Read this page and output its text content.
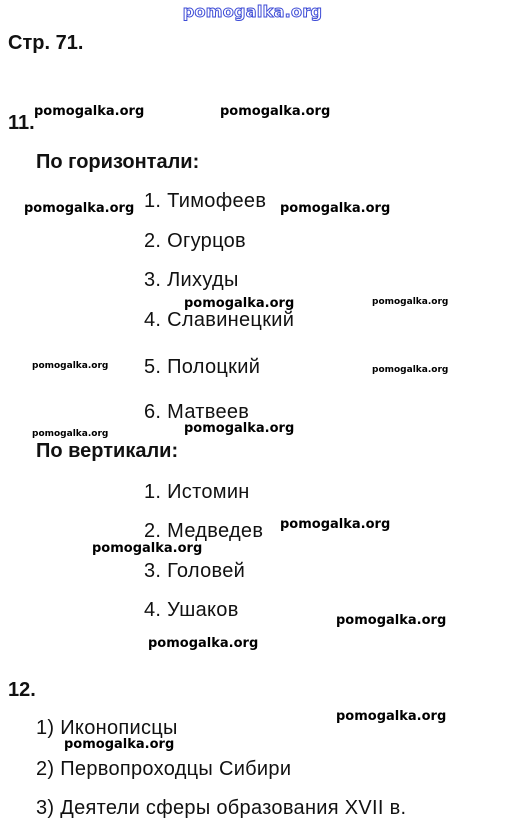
pomogalka.org
Стр. 71.
11.
По горизонтали:
1. Тимофеев
2. Огурцов
3. Лихуды
4. Славинецкий
5. Полоцкий
6. Матвеев
По вертикали:
1. Истомин
2. Медведев
3. Головей
4. Ушаков
12.
1) Иконописцы
2) Первопроходцы Сибири
3) Деятели сферы образования XVII в.
pomogalka.org	pomogalka.org
pomogalka.org	pomogalka.org
pomogalka.org	pomogalka.org
pomogalka.org	pomogalka.org
pomogalka.org	pomogalka.org
pomogalka.org
pomogalka.org
pomogalka.org
pomogalka.org
pomogalka.org
pomogalka.org
